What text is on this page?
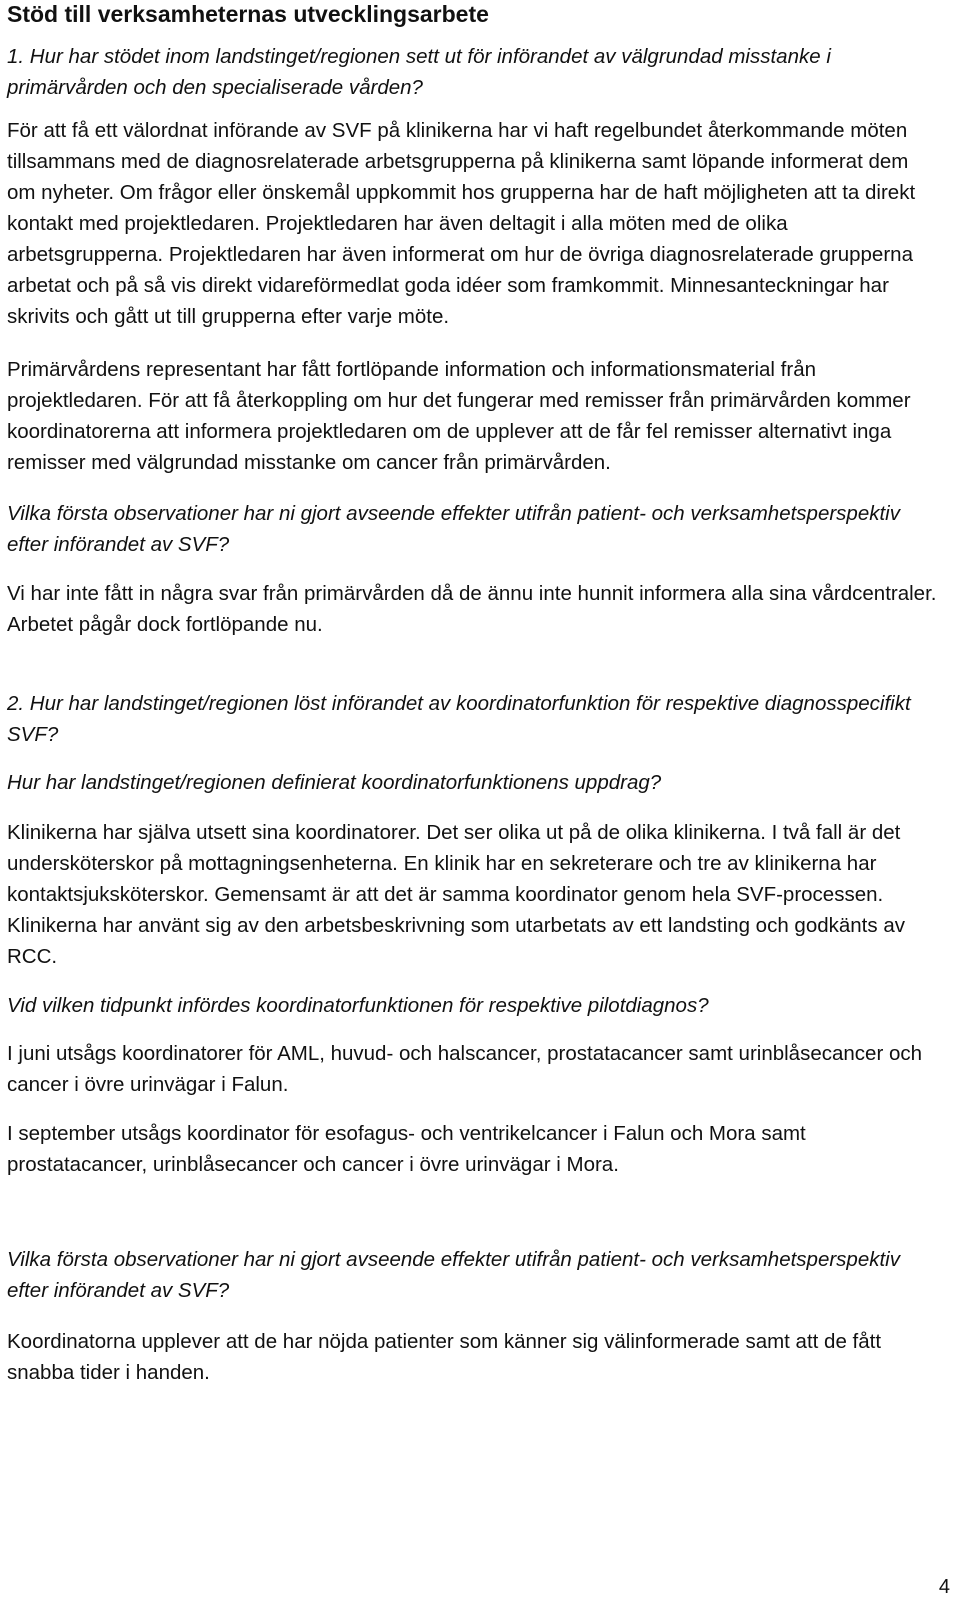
Stöd till verksamheternas utvecklingsarbete

1. Hur har stödet inom landstinget/regionen sett ut för införandet av välgrundad misstanke i primärvården och den specialiserade vården?

För att få ett välordnat införande av SVF på klinikerna har vi haft regelbundet återkommande möten tillsammans med de diagnosrelaterade arbetsgrupperna på klinikerna samt löpande informerat dem om nyheter. Om frågor eller önskemål uppkommit hos grupperna har de haft möjligheten att ta direkt kontakt med projektledaren. Projektledaren har även deltagit i alla möten med de olika arbetsgrupperna. Projektledaren har även informerat om hur de övriga diagnosrelaterade grupperna arbetat och på så vis direkt vidareförmedlat goda idéer som framkommit. Minnesanteckningar har skrivits och gått ut till grupperna efter varje möte.

Primärvårdens representant har fått fortlöpande information och informationsmaterial från projektledaren. För att få återkoppling om hur det fungerar med remisser från primärvården kommer koordinatorerna att informera projektledaren om de upplever att de får fel remisser alternativt inga remisser med välgrundad misstanke om cancer från primärvården.

Vilka första observationer har ni gjort avseende effekter utifrån patient- och verksamhetsperspektiv efter införandet av SVF?

Vi har inte fått in några svar från primärvården då de ännu inte hunnit informera alla sina vårdcentraler. Arbetet pågår dock fortlöpande nu.

2. Hur har landstinget/regionen löst införandet av koordinatorfunktion för respektive diagnosspecifikt SVF?

Hur har landstinget/regionen definierat koordinatorfunktionens uppdrag?

Klinikerna har själva utsett sina koordinatorer. Det ser olika ut på de olika klinikerna. I två fall är det undersköterskor på mottagningsenheterna. En klinik har en sekreterare och tre av klinikerna har kontaktsjuksköterskor. Gemensamt är att det är samma koordinator genom hela SVF-processen. Klinikerna har använt sig av den arbetsbeskrivning som utarbetats av ett landsting och godkänts av RCC.

Vid vilken tidpunkt infördes koordinatorfunktionen för respektive pilotdiagnos?

I juni utsågs koordinatorer för AML, huvud- och halscancer, prostatacancer samt urinblåsecancer och cancer i övre urinvägar i Falun.

I september utsågs koordinator för esofagus- och ventrikelcancer i Falun och Mora samt prostatacancer, urinblåsecancer och cancer i övre urinvägar i Mora.

Vilka första observationer har ni gjort avseende effekter utifrån patient- och verksamhetsperspektiv efter införandet av SVF?

Koordinatorna upplever att de har nöjda patienter som känner sig välinformerade samt att de fått snabba tider i handen.

4
